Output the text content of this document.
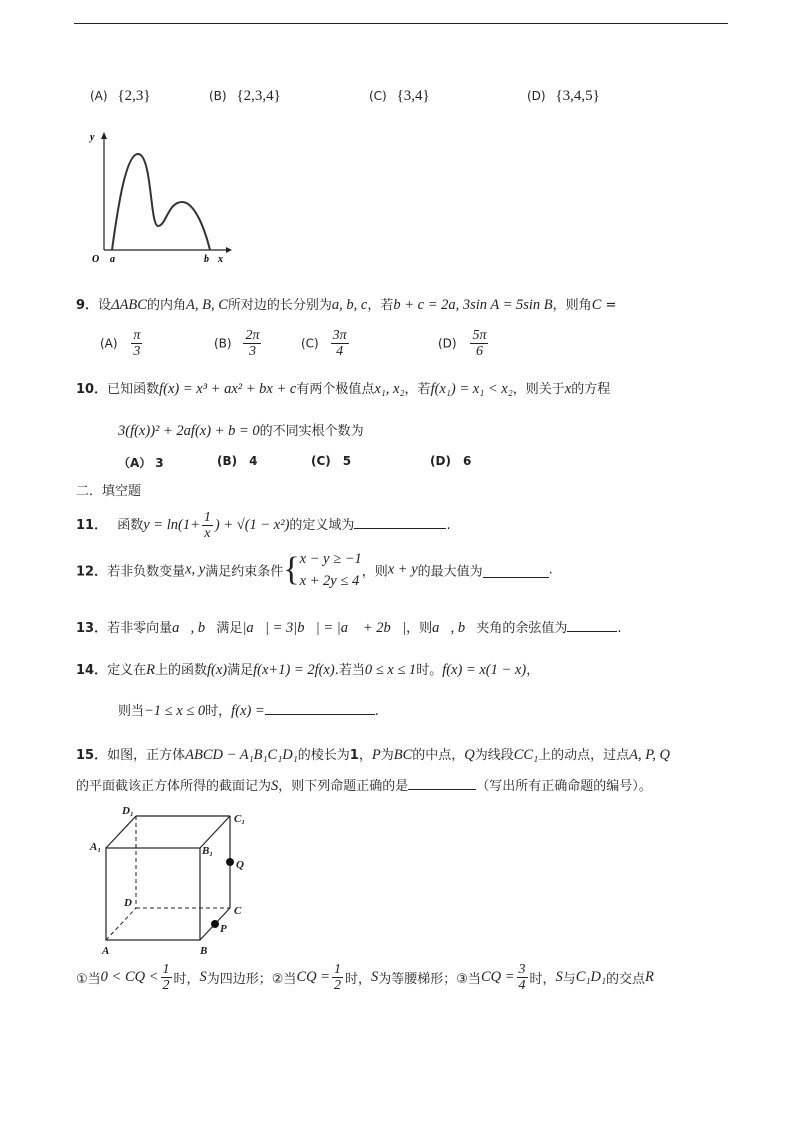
(A) {2,3}	(B) {2,3,4}	(C) {3,4}	(D) {3,4,5}
y
O a	b x
9．设ΔABC的内角A, B, C所对边的长分别为a, b, c，若b + c = 2a, 3sin A = 5sin B，则角C =
$(A) \frac{\pi}{3}$	$(B) \frac{2\pi}{3}$	$(C) \frac{3\pi}{4}$	$(D) \frac{5\pi}{6}$
10．已知函数f(x) = x³ + ax² + bx + c有两个极值点x₁, x₂，若f(x₁) = x₁ < x₂，则关于x的方程
3(f(x))² + 2af(x) + b = 0的不同实根个数为
（A） 3	(B) 4	(C) 5	(D) 6
二．填空题
11． 函数$y = \ln(1+ \frac{1}{x}$ ) + √(1 − x²)的定义域为	.
12．若非负数变量x, y满足约束条件{ x − y ≥ −1
x + 2y ≤ 4
，则x + y的最大值为	.
13．若非零向量a⃗, b⃗满足|a⃗| = 3|b⃗| = |a⃗ + 2b⃗|，则a⃗, b⃗夹角的余弦值为	.
14．定义在R上的函数f(x)满足f(x+1) = 2f(x).若当0 ≤ x ≤ 1时。f(x) = x(1 − x)，
则当−1 ≤ x ≤ 0时，f(x) =	.
15．如图，正方体ABCD − A₁B₁C₁D₁的棱长为1，P为BC的中点，Q为线段CC₁上的动点，过点A, P, Q
的平面截该正方体所得的截面记为S，则下列命题正确的是	（写出所有正确命题的编号）。
D₁
C₁
A₁	B₁
Q
D
C
A	B
P
①当0 < CQ < $\frac{1}{2}$ 时，S为四边形；②当CQ = $\frac{1}{2}$ 时，S为等腰梯形；③当CQ = $\frac{3}{4}$ 时，S与C₁D₁的交点R
